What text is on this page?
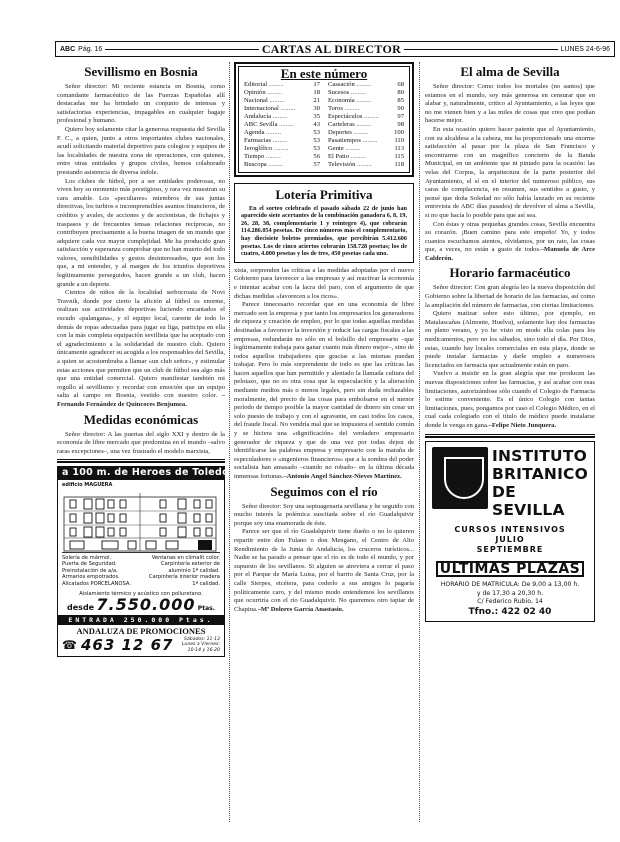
ABC Pág. 16	CARTAS AL DIRECTOR	LUNES 24-6-96
Sevillismo en Bosnia

Señor director: Mi reciente estancia en Bosnia, como comandante farmacéutico de las Fuerzas Españolas allí destacadas me ha brindado un conjunto de intensas y satisfactorias experiencias, impagables en cualquier bagaje profesional y humano.

Quiero hoy solamente citar la generosa respuesta del Sevilla F. C., a quien, junto a otros importantes clubes nacionales, acudí solicitando material deportivo para colegios y equipos de las localidades de nuestra zona de operaciones, con quienes, entre otras entidades y grupos civiles, hemos colaborado prestando asistencia de diversa índole.

Los clubes de fútbol, por a ser entidades poderosas, no viven hoy su momento más prestigioso, y rara vez muestran su cara amable. Los «peculiares» miembros de sus juntas directivas, los turbios e incomprensibles asuntos financieros, de créditos y avales, de acciones y de accionistas, de fichajes y traspasos y de frecuentes tensas relaciones recíprocas, no contribuyen precisamente a la buena imagen de un mundo que adquiere cada vez mayor complejidad. Me ha producido gran satisfacción y esperanza comprobar que no han muerto del todo valores, sensibilidades y gestos desinteresados, que son los que, a mi entender, y al margen de los triunfos deportivos legítimamente perseguidos, hacen grande a un club, hacen grande a un deporte.

Cientos de niños de la localidad serbocroata de Novi Travnik, donde por cierto la afición al fútbol es enorme, realizan sus actividades deportivas luciendo encantados el escudo «palangana», y el equipo local, carente de todo lo demás de ropas adecuadas para jugar su liga, participa en ella con la más completa equipación sevillista que ha aceptado con el agradecimiento a la solidaridad de nuestro club. Quiero únicamente agradecer su acogida a los responsables del Sevilla, a quien se acostumbraba a llamar «un club señor», y estimular estas acciones que permiten que un club de fútbol sea algo más que una entidad comercial. Quiero manifestar también mi orgullo al sevillismo y recordar con emoción que un equipo salta al campo en Bosnia, vestido con nuestro color. –Fernando Fernández de Quincoces Benjumea.

Medidas económicas

Señor director: A las puertas del siglo XXI y dentro de la economía de libre mercado que predomina en el mundo –salvo raras excepciones–, una vez frustrado el modelo marxista,

a 100 m. de Heroes de Toledo
edificio MAGUERA
Solería de mármol.
Puerta de Seguridad.
Preinstalación de a/a.
Armarios empotrados.
Alicatados PORCELANOSA.
Ventanas en climalit color.
Carpintería exterior de aluminio 1ª calidad.
Carpintería interior madera 1ª calidad.
Aislamiento térmico y acústico con poliuretano.
desde 7.550.000 Ptas.
ENTRADA 250.000 Ptas.
ANDALUZA DE PROMOCIONES
☎ 463 12 67	Sábados: 11-13
Lunes a Viernes: 10-14 y 16-20
En este número
Editorial .....	17
Opinión .....	18
Nacional .....	21
Internacional .....	30
Andalucía .....	35
ABC Sevilla .....	43
Agenda .....	53
Farmacias .....	53
Jeroglífico .....	53
Tiempo .....	56
Buscopa .....	57
Cassación .....	68
Sucesos .....	80
Economía .....	85
Toros .....	90
Espectáculos .....	97
Carteleras .....	98
Deportes .....	100
Pasatiempos .....	110
Gente .....	113
El Patio .....	115
Televisión .....	118
Lotería Primitiva

En el sorteo celebrado el pasado sábado 22 de junio han aparecido siete acertantes de la combinación ganadora 6, 8, 19, 26, 28, 38, complementario 1 y reintegro 4), que cobrarán 114.286.054 pesetas. De cinco números más el complementario, hay diecisiete boletos premiados, que percibirán 5.412.606 pesetas. Los de cinco aciertos cobrarán 158.728 pesetas; los de cuatro, 4.800 pesetas y los de tres, 450 pesetas cada uno.

xista, sorprenden las críticas a las medidas adoptadas por el nuevo Gobierno para favorecer a las empresas y así reactivar la economía e intentar acabar con la lacra del paro, con el argumento de que dichas medidas «favorecen a los ricos».

Parece innecesario recordar que en una economía de libre mercado son la empresa y por tanto los empresarios los generadores de riqueza y creación de empleo, por lo que todas aquellas medidas destinadas a favorecer la inversión y reducir las cargas fiscales a las empresas, redundarán no sólo en el bolsillo del empresario –que legítimamente trabaja para ganar cuanto más dinero mejor–, sino de todos aquellos trabajadores que gracias a las mismas puedan trabajar. Pero lo más sorprendente de todo es que las críticas las hacen aquellos que han permitido y alentado la llamada cultura del pelotazo, que no es otra cosa que la especulación y la alteración mediante medios más o menos legales, pero sin duda rechazables moralmente, del precio de las cosas para embolsarse en el menor período de tiempo posible la mayor cantidad de dinero sin crear un solo puesto de trabajo y con el agravante, en casi todos los casos, del fraude fiscal. No vendría mal que se impusiera el sentido común y se hiciera una «dignificación» del verdadero empresario generador de riqueza y que de una vez por todas dejen de identificarse las palabras empresa y empresario con la maraña de especuladores o «ingenieros financieros» que a la sombra del poder socialista han amasado –cuando no robado– en la última década inmensas fortunas.–Antonio Angel Sánchez-Nieves Martínez.

Seguimos con el río

Señor director: Soy una septuagenaria sevillana y he seguido con mucho interés la polémica suscitada sobre el río Guadalquivir porque soy una enamorada de éste.

Parece ser que el río Guadalquivir tiene dueño o no lo quieren repartir entre don Fulano o don Mengano, el Centro de Alto Rendimiento de la Junta de Andalucía, los cruceros turísticos... Nadie se ha parado a pensar que el río es de todo el mundo, y por supuesto de los sevillanos. Si alguien se atreviera a cerrar el paso por el Parque de María Luisa, por el barrio de Santa Cruz, por la calle Sierpes, etcétera, para cederlo a sus amigos lo pagaría políticamente caro, y del mismo modo entendemos los sevillanos que ocurriría con el río Guadalquivir. No queremos otro tapiar de Chapina.–Mª Dolores García Anastasio.

El alma de Sevilla

Señor director: Como todos los mortales (no santos) que estamos en el mundo, soy más generosa en censurar que en alabar y, naturalmente, critico al Ayuntamiento, a las leyes que no me vienen bien y a las miles de cosas que creo que podían hacerse mejor.

En esta ocasión quiero hacer patente que el Ayuntamiento, con su alcaldesa a la cabeza, me ha proporcionado una enorme satisfacción al pasar por la plaza de San Francisco y encontrarme con un magnífico concierto de la Banda Municipal, en un ambiente que ni pintado para la ocasión: las velas del Corpus, la arquitectura de la parte posterior del Ayuntamiento, el sí en el interior del numeroso público, sus caras de complacencia, en resumen, sus sentidos a gusto, y pensé que doña Soledad no sólo había lanzado en su reciente entrevista de ABC días pasados) de devolver el alma a Sevilla, si no que hacía lo posible para que así sea.

Con éstas y otras pequeñas grandes cosas, Sevilla encuentra su corazón. ¡Buen camino para este empeño! Yo, y todos cuantos escuchamos atentos, olvidamos, por un rato, las cosas que, a veces, no están a gusto de todos.–Manuela de Arce Calderón.

Horario farmacéutico

Señor director: Con gran alegría leo la nueva disposición del Gobierno sobre la libertad de horario de las farmacias, así como la ampliación del número de farmacias, con ciertas limitaciones.

Quiero matizar sobre esto último, por ejemplo, en Matalascañas (Almonte, Huelva), solamente hay dos farmacias en pleno verano, y yo he visto en modo ella colas para los medicamentos, pero no los sábados, sino todo el día. Por Dios, estas, cuando hay locales comerciales en esta playa, donde se puede instalar farmacias y darle empleo a numerosos licenciados en farmacia que actualmente están en paro.

Vuelvo a insistir en la gran alegría que me producen las nuevas disposiciones sobre las farmacias, y así acabar con esas limitaciones, autorizándose sólo cuando el Colegio de Farmacia lo estime conveniente. Es el único Colegio con tantas limitaciones, pues, pongamos por caso el Colegio Médico, en el cual cada colegiado con el título de médico puede instalarse donde le venga en gana.–Felipe Nieto Junquera.

INSTITUTO
BRITANICO
DE SEVILLA
CURSOS INTENSIVOS
JULIO
SEPTIEMBRE
ULTIMAS PLAZAS
HORARIO DE MATRICULA: De 9,00 a 13,00 h.
y de 17,30 a 20,30 h.
C/ Federico Rubio, 14
Tfno.: 422 02 40
